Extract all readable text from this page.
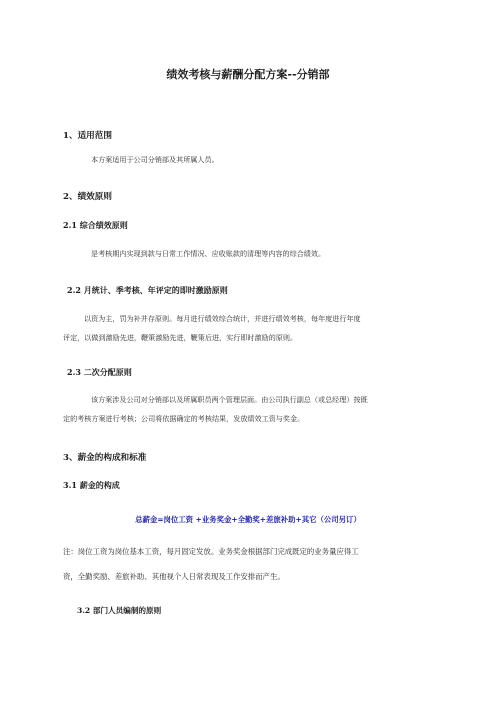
绩效考核与薪酬分配方案--分销部
1、适用范围
本方案适用于公司分销部及其所属人员。
2、绩效原则
2.1 综合绩效原则
是考核期内实现到款与日常工作情况、应收账款的清理等内容的综合绩效。
2.2 月统计、季考核、年评定的即时激励原则
以资为主，罚为补并存原则。每月进行绩效综合统计，并进行绩效考核，每年度进行年度
评定，以做到激励先进，鞭策激励先进，鞭策后进，实行即时激励的原则。
2.3 二次分配原则
该方案涉及公司对分销部以及所属职员两个管理层面。由公司执行副总（或总经理）按既
定的考核方案进行考核；公司将依据确定的考核结果，发放绩效工资与奖金。
3、薪金的构成和标准
3.1 薪金的构成
总薪金=岗位工资 +业务奖金+全勤奖+差旅补助+其它（公司另订）
注：岗位工资为岗位基本工资，每月固定发放。业务奖金根据部门完成既定的业务量应得工
资，全勤奖励、差旅补助、其他视个人日常表现及工作安排而产生。
3.2 部门人员编制的原则
